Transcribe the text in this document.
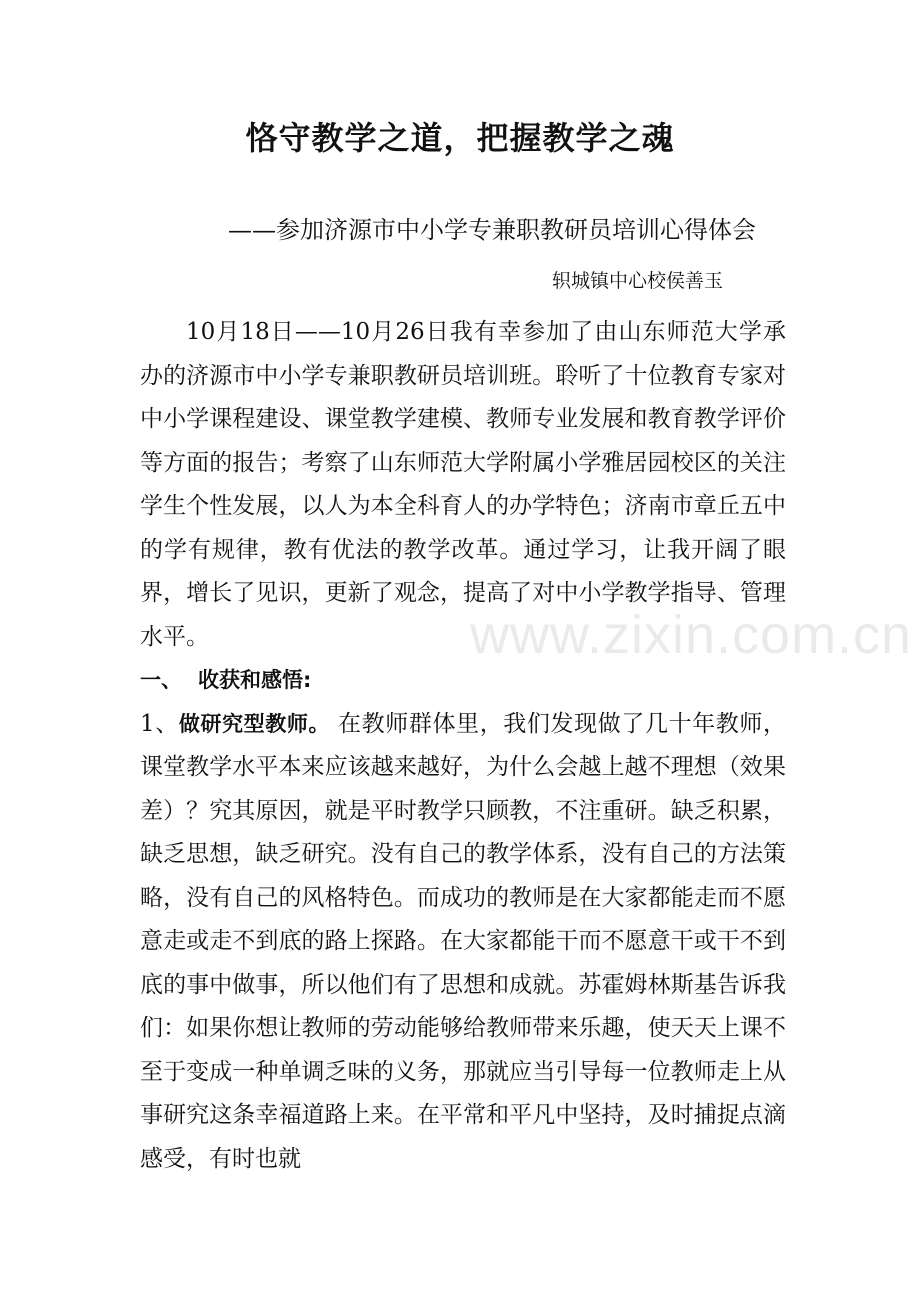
恪守教学之道，把握教学之魂
——参加济源市中小学专兼职教研员培训心得体会
轵城镇中心校侯善玉

10月18日——10月26日我有幸参加了由山东师范大学承办的济源市中小学专兼职教研员培训班。聆听了十位教育专家对中小学课程建设、课堂教学建模、教师专业发展和教育教学评价等方面的报告；考察了山东师范大学附属小学雅居园校区的关注学生个性发展，以人为本全科育人的办学特色；济南市章丘五中的学有规律，教有优法的教学改革。通过学习，让我开阔了眼界，增长了见识，更新了观念，提高了对中小学教学指导、管理水平。

一、 收获和感悟:

1、做研究型教师。 在教师群体里，我们发现做了几十年教师，课堂教学水平本来应该越来越好，为什么会越上越不理想（效果差）？究其原因，就是平时教学只顾教，不注重研。缺乏积累，缺乏思想，缺乏研究。没有自己的教学体系，没有自己的方法策略，没有自己的风格特色。而成功的教师是在大家都能走而不愿意走或走不到底的路上探路。在大家都能干而不愿意干或干不到底的事中做事，所以他们有了思想和成就。苏霍姆林斯基告诉我们：如果你想让教师的劳动能够给教师带来乐趣，使天天上课不至于变成一种单调乏味的义务，那就应当引导每一位教师走上从事研究这条幸福道路上来。在平常和平凡中坚持，及时捕捉点滴感受，有时也就

www.zixin.com.cn
